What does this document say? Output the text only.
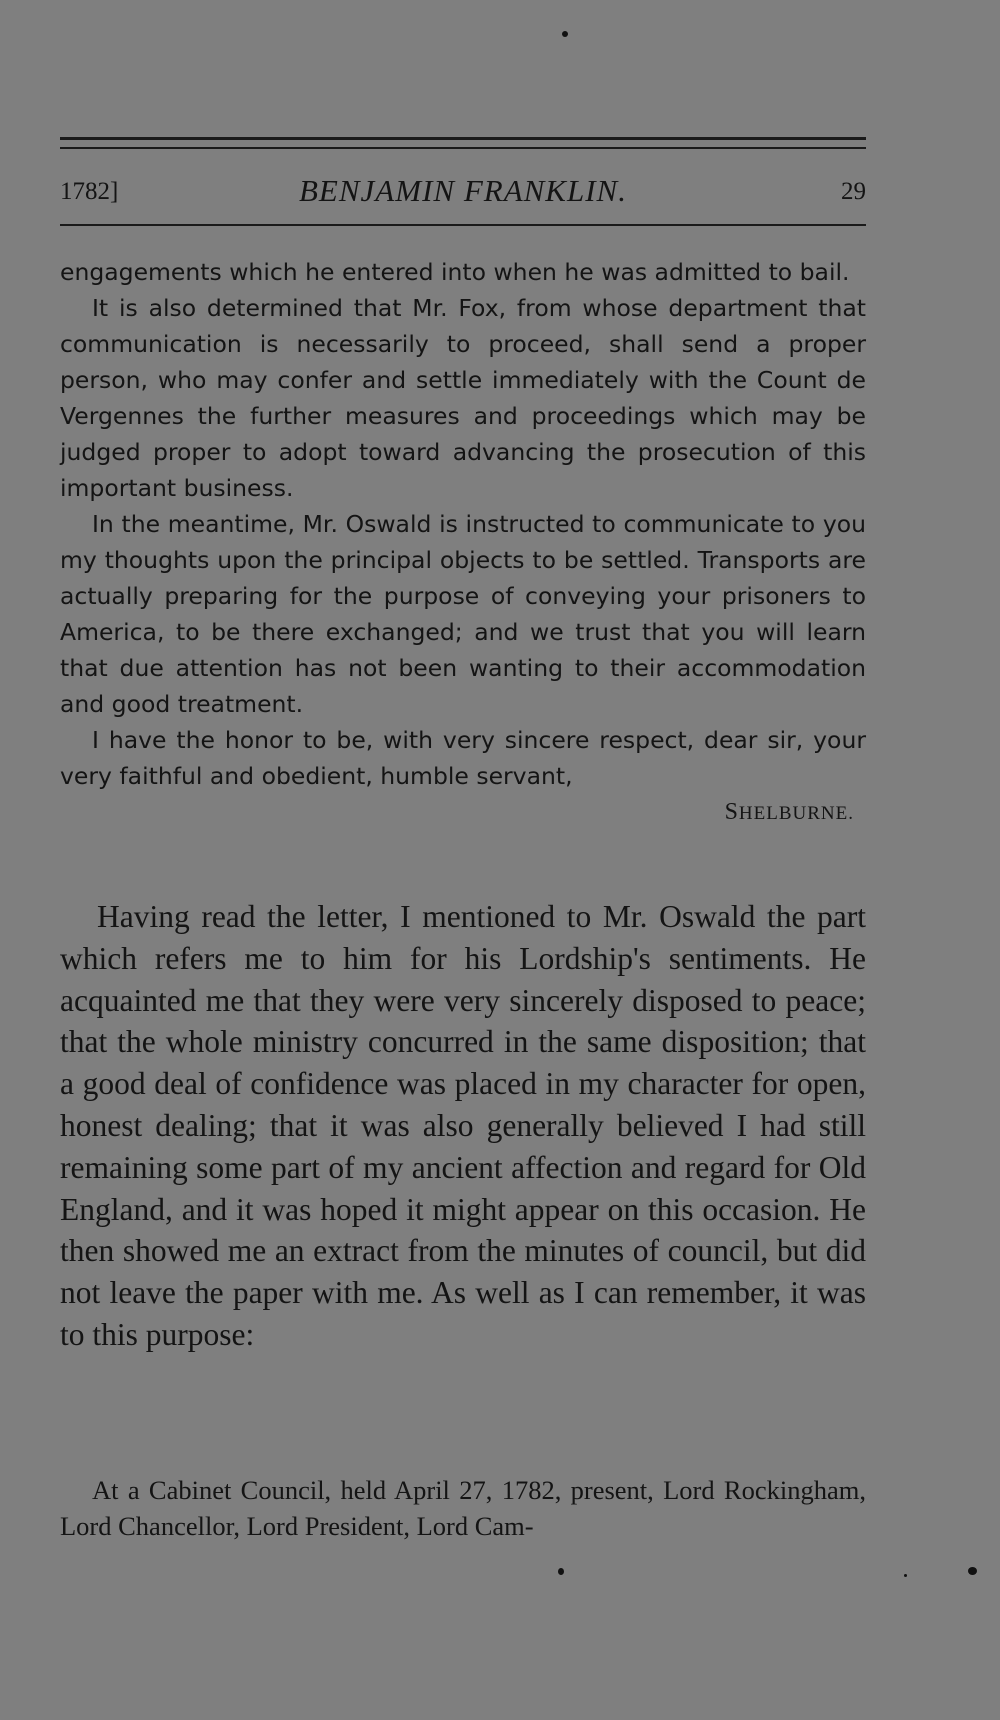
1782]	BENJAMIN FRANKLIN.	29

engagements which he entered into when he was admitted to bail.

It is also determined that Mr. Fox, from whose department that communication is necessarily to proceed, shall send a proper person, who may confer and settle immediately with the Count de Vergennes the further measures and proceedings which may be judged proper to adopt toward advancing the prosecution of this important business.

In the meantime, Mr. Oswald is instructed to communicate to you my thoughts upon the principal objects to be settled. Transports are actually preparing for the purpose of conveying your prisoners to America, to be there exchanged; and we trust that you will learn that due attention has not been wanting to their accommodation and good treatment.

I have the honor to be, with very sincere respect, dear sir, your very faithful and obedient, humble servant,

SHELBURNE.

Having read the letter, I mentioned to Mr. Oswald the part which refers me to him for his Lordship's sentiments. He acquainted me that they were very sincerely disposed to peace; that the whole ministry concurred in the same disposition; that a good deal of confidence was placed in my character for open, honest dealing; that it was also generally believed I had still remaining some part of my ancient affection and regard for Old England, and it was hoped it might appear on this occasion. He then showed me an extract from the minutes of council, but did not leave the paper with me. As well as I can remember, it was to this purpose:

At a Cabinet Council, held April 27, 1782, present, Lord Rockingham, Lord Chancellor, Lord President, Lord Cam-
